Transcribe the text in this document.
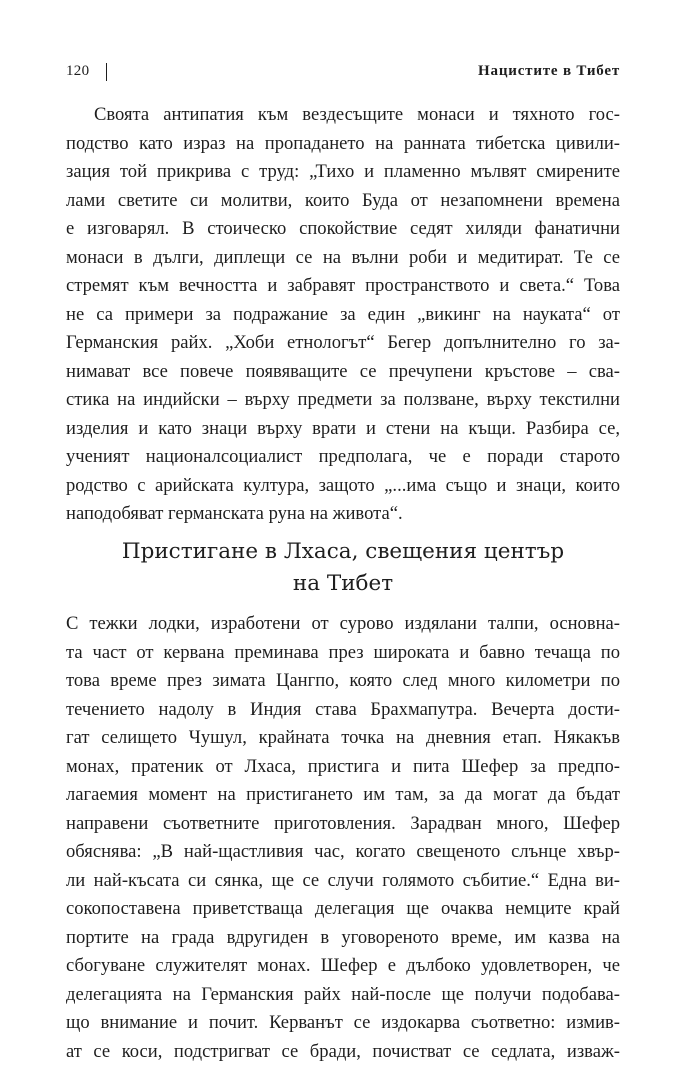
120	Нацистите в Тибет
Своята антипатия към вездесъщите монаси и тяхното гос-
подство като израз на пропадането на ранната тибетска цивили-
зация той прикрива с труд: „Тихо и пламенно мълвят смирените
лами светите си молитви, които Буда от незапомнени времена
е изговарял. В стоическо спокойствие седят хиляди фанатични
монаси в дълги, диплещи се на вълни роби и медитират. Те се
стремят към вечността и забравят пространството и света.“ Това
не са примери за подражание за един „викинг на науката“ от
Германския райх. „Хоби етнологът“ Бегер допълнително го за-
нимават все повече появяващите се пречупени кръстове – сва-
стика на индийски – върху предмети за ползване, върху текстилни
изделия и като знаци върху врати и стени на къщи. Разбира се,
ученият националсоциалист предполага, че е поради старото
родство с арийската култура, защото „...има също и знаци, които
наподобяват германската руна на живота“.
Пристигане в Лхаса, свещения център
на Тибет
С тежки лодки, изработени от сурово издялани талпи, основна-
та част от кервана преминава през широката и бавно течаща по
това време през зимата Цангпо, която след много километри по
течението надолу в Индия става Брахмапутра. Вечерта дости-
гат селището Чушул, крайната точка на дневния етап. Някакъв
монах, пратеник от Лхаса, пристига и пита Шефер за предпо-
лагаемия момент на пристигането им там, за да могат да бъдат
направени съответните приготовления. Зарадван много, Шефер
обяснява: „В най-щастливия час, когато свещеното слънце хвър-
ли най-късата си сянка, ще се случи голямото събитие.“ Една ви-
сокопоставена приветстваща делегация ще очаква немците край
портите на града вдругиден в уговореното време, им казва на
сбогуване служителят монах. Шефер е дълбоко удовлетворен, че
делегацията на Германския райх най-после ще получи подобава-
що внимание и почит. Керванът се издокарва съответно: измив-
ат се коси, подстригват се бради, почистват се седлата, изваж-
